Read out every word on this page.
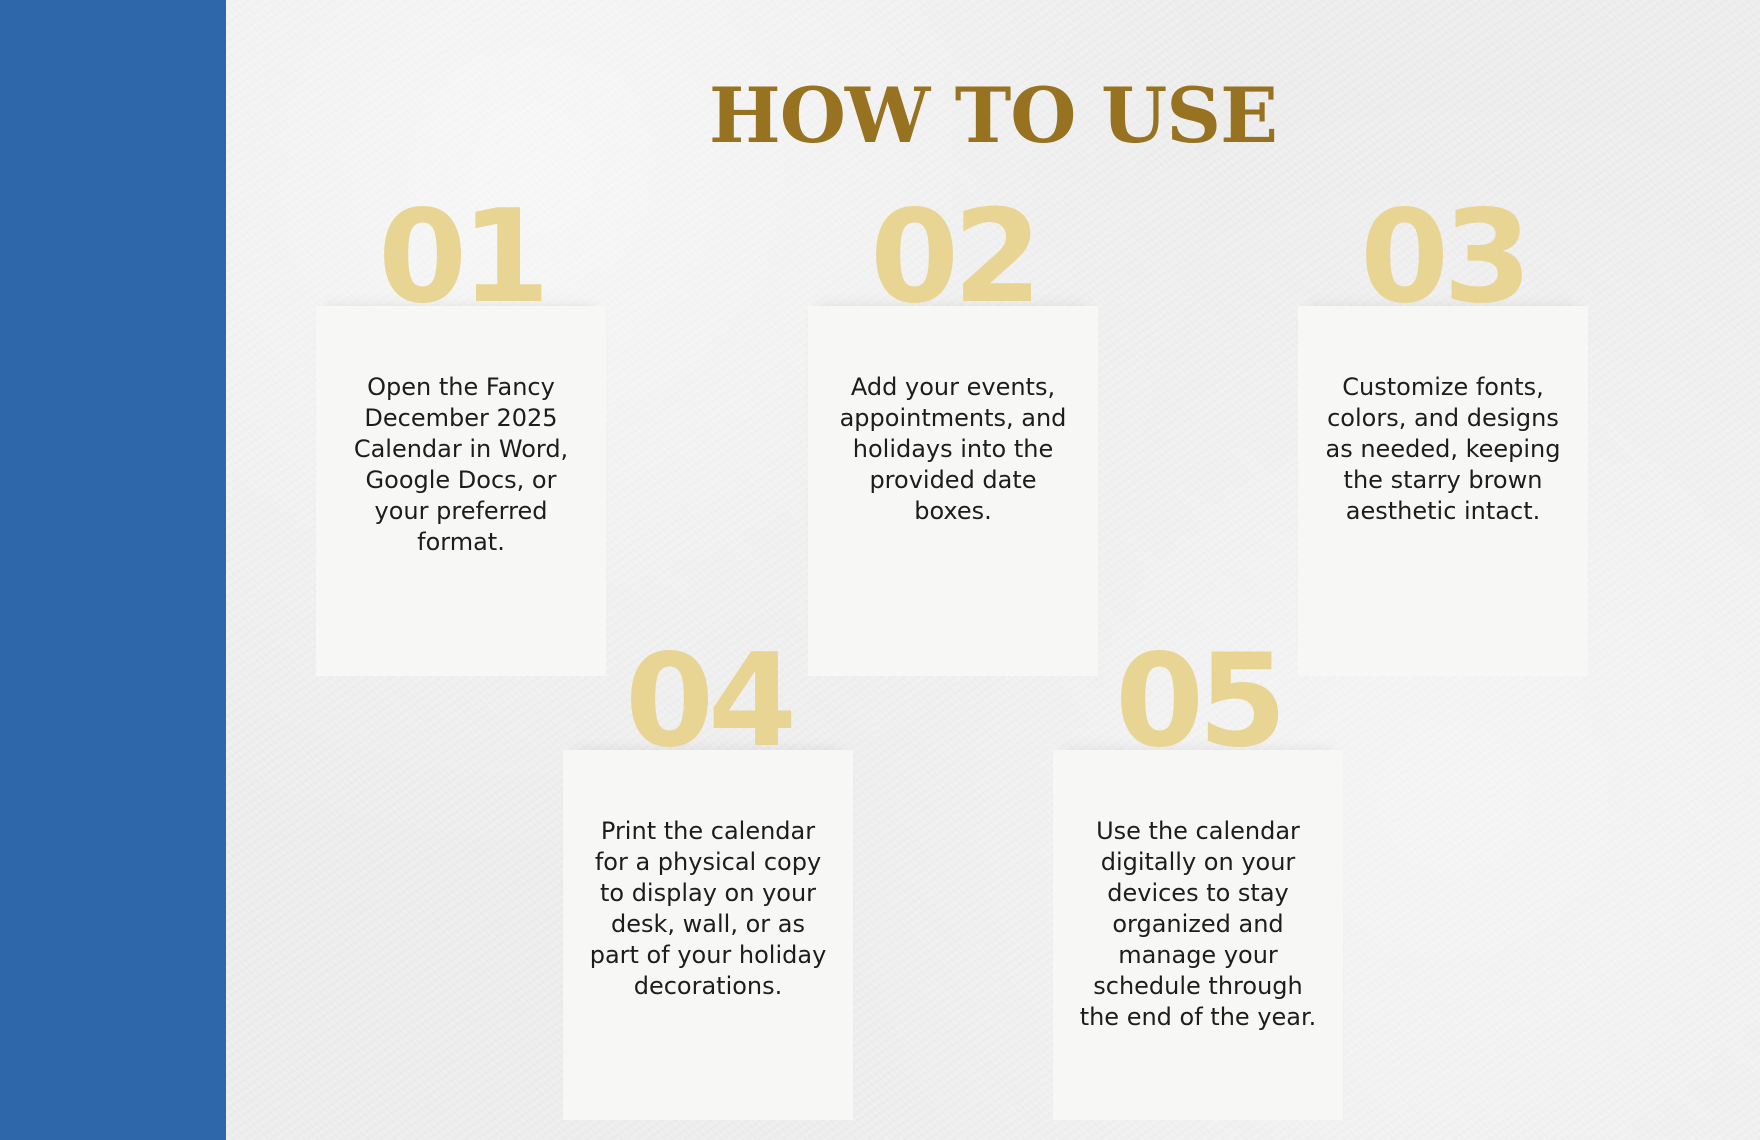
HOW TO USE

Open the Fancy December 2025 Calendar in Word, Google Docs, or your preferred format.

01

Add your events, appointments, and holidays into the provided date boxes.

02

Customize fonts, colors, and designs as needed, keeping the starry brown aesthetic intact.

03

Print the calendar for a physical copy to display on your desk, wall, or as part of your holiday decorations.

04

Use the calendar digitally on your devices to stay organized and manage your schedule through the end of the year.

05
